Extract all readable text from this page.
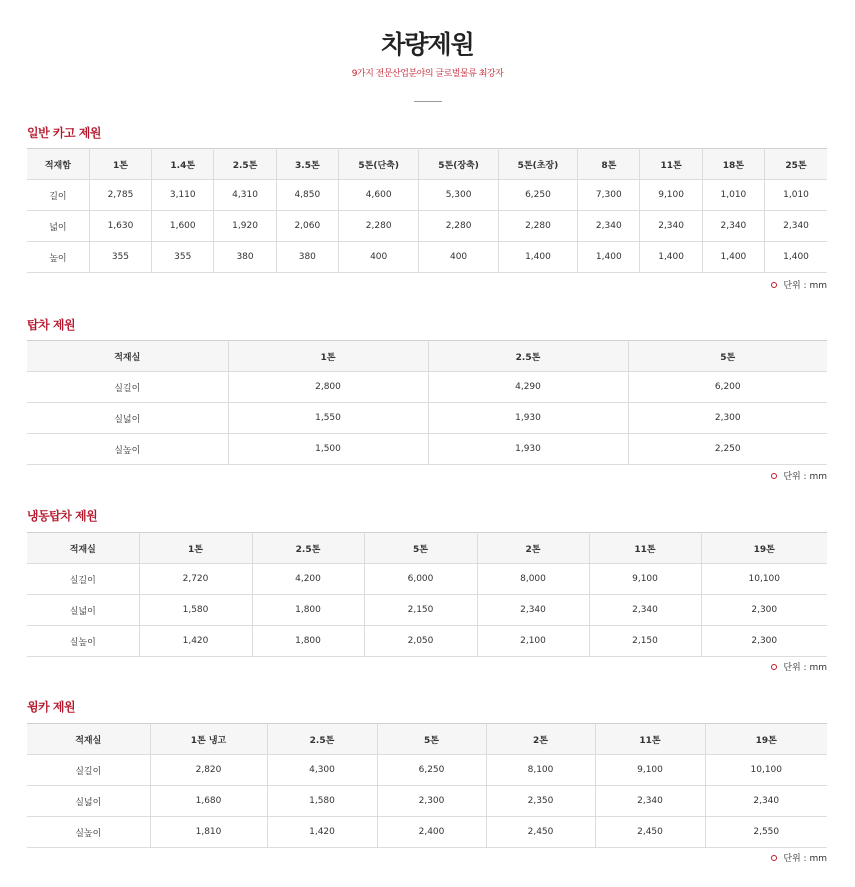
차량제원
9가지 전문산업분야의 글로벌물류 최강자
일반 카고 제원
적재함	1톤	1.4톤	2.5톤	3.5톤	5톤(단축)	5톤(장축)	5톤(초장)	8톤	11톤	18톤	25톤
길이	2,785	3,110	4,310	4,850	4,600	5,300	6,250	7,300	9,100	1,010	1,010
넓이	1,630	1,600	1,920	2,060	2,280	2,280	2,280	2,340	2,340	2,340	2,340
높이	355	355	380	380	400	400	1,400	1,400	1,400	1,400	1,400
단위 : mm
탑차 제원
적재실	1톤	2.5톤	5톤
실길이	2,800	4,290	6,200
실넓이	1,550	1,930	2,300
실높이	1,500	1,930	2,250
단위 : mm
냉동탑차 제원
적재실	1톤	2.5톤	5톤	2톤	11톤	19톤
실길이	2,720	4,200	6,000	8,000	9,100	10,100
실넓이	1,580	1,800	2,150	2,340	2,340	2,300
실높이	1,420	1,800	2,050	2,100	2,150	2,300
단위 : mm
윙카 제원
적재실	1톤 냉고	2.5톤	5톤	2톤	11톤	19톤
실길이	2,820	4,300	6,250	8,100	9,100	10,100
실넓이	1,680	1,580	2,300	2,350	2,340	2,340
실높이	1,810	1,420	2,400	2,450	2,450	2,550
단위 : mm
